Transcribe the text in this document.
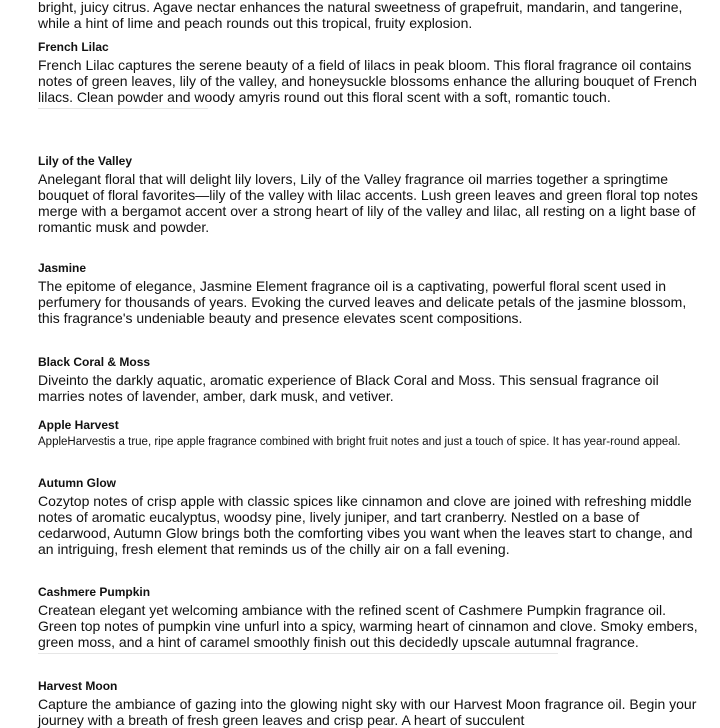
bright, juicy citrus. Agave nectar enhances the natural sweetness of grapefruit, mandarin, and tangerine, while a hint of lime and peach rounds out this tropical, fruity explosion.
French Lilac
French Lilac captures the serene beauty of a field of lilacs in peak bloom. This floral fragrance oil contains notes of green leaves, lily of the valley, and honeysuckle blossoms enhance the alluring bouquet of French lilacs. Clean powder and woody amyris round out this floral scent with a soft, romantic touch.
Lily of the Valley
Anelegant floral that will delight lily lovers, Lily of the Valley fragrance oil marries together a springtime bouquet of floral favorites—lily of the valley with lilac accents. Lush green leaves and green floral top notes merge with a bergamot accent over a strong heart of lily of the valley and lilac, all resting on a light base of romantic musk and powder.
Jasmine
The epitome of elegance, Jasmine Element fragrance oil is a captivating, powerful floral scent used in perfumery for thousands of years. Evoking the curved leaves and delicate petals of the jasmine blossom, this fragrance's undeniable beauty and presence elevates scent compositions.
Black Coral & Moss
Diveinto the darkly aquatic, aromatic experience of Black Coral and Moss. This sensual fragrance oil marries notes of lavender, amber, dark musk, and vetiver.
Apple Harvest
AppleHarvestis a true, ripe apple fragrance combined with bright fruit notes and just a touch of spice. It has year-round appeal.
Autumn Glow
Cozytop notes of crisp apple with classic spices like cinnamon and clove are joined with refreshing middle notes of aromatic eucalyptus, woodsy pine, lively juniper, and tart cranberry. Nestled on a base of cedarwood, Autumn Glow brings both the comforting vibes you want when the leaves start to change, and an intriguing, fresh element that reminds us of the chilly air on a fall evening.
Cashmere Pumpkin
Createan elegant yet welcoming ambiance with the refined scent of Cashmere Pumpkin fragrance oil. Green top notes of pumpkin vine unfurl into a spicy, warming heart of cinnamon and clove. Smoky embers, green moss, and a hint of caramel smoothly finish out this decidedly upscale autumnal fragrance.
Harvest Moon
Capture the ambiance of gazing into the glowing night sky with our Harvest Moon fragrance oil. Begin your journey with a breath of fresh green leaves and crisp pear. A heart of succulent
